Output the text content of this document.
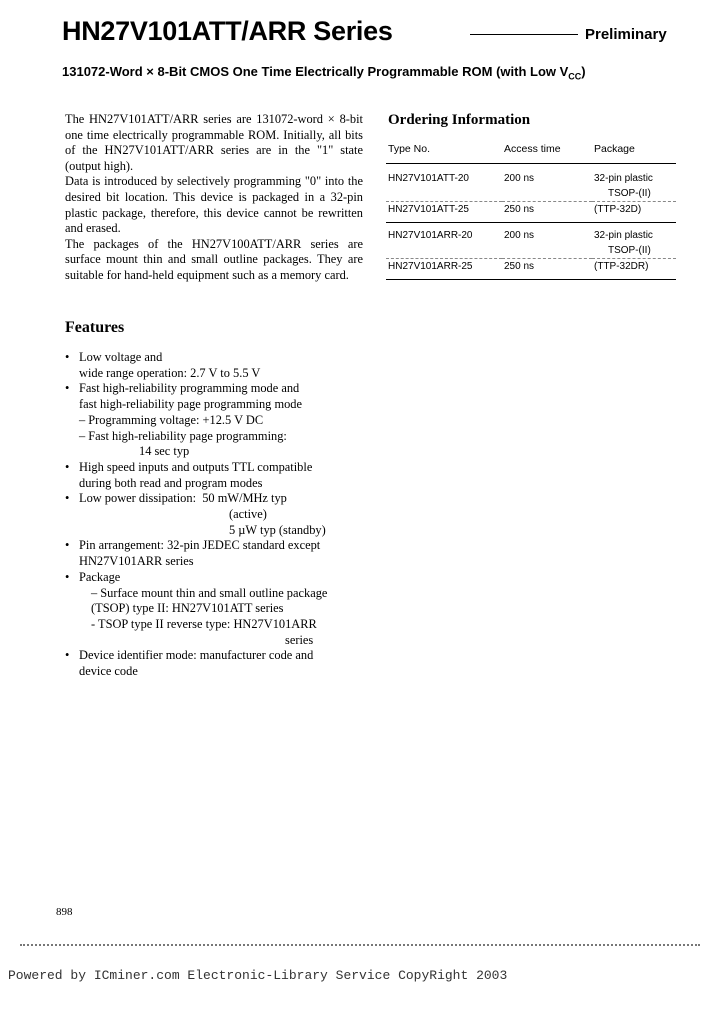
HN27V101ATT/ARR Series	Preliminary
131072-Word × 8-Bit CMOS One Time Electrically Programmable ROM (with Low $V_{CC}$)

The HN27V101ATT/ARR series are 131072-word × 8-bit one time electrically programmable ROM. Initially, all bits of the HN27V101ATT/ARR series are in the "1" state (output high).

Data is introduced by selectively programming "0" into the desired bit location. This device is packaged in a 32-pin plastic package, therefore, this device cannot be rewritten and erased.

The packages of the HN27V100ATT/ARR series are surface mount thin and small outline packages. They are suitable for hand-held equipment such as a memory card.

Features
• Low voltage and
wide range operation: 2.7 V to 5.5 V
• Fast high-reliability programming mode and
fast high-reliability page programming mode
– Programming voltage: +12.5 V DC
– Fast high-reliability page programming:
14 sec typ
• High speed inputs and outputs TTL compatible
during both read and program modes
• Low power dissipation:  50 mW/MHz typ
(active)
5 µW typ (standby)
• Pin arrangement: 32-pin JEDEC standard except
HN27V101ARR series
• Package
– Surface mount thin and small outline package
(TSOP) type II: HN27V101ATT series
- TSOP type II reverse type: HN27V101ARR
series
• Device identifier mode: manufacturer code and
device code
Ordering Information
Type No.	Access time	Package
HN27V101ATT-20	200 ns	32-pin plastic
		TSOP-(II)
HN27V101ATT-25	250 ns	(TTP-32D)
HN27V101ARR-20	200 ns	32-pin plastic
		TSOP-(II)
HN27V101ARR-25	250 ns	(TTP-32DR)
898
Powered by ICminer.com Electronic-Library Service CopyRight 2003
